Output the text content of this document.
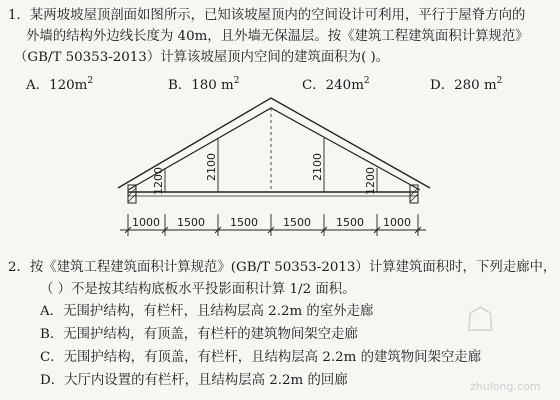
1．某两坡坡屋顶剖面如图所示，已知该坡屋顶内的空间设计可利用，平行于屋脊方向的
外墙的结构外边线长度为 40m，且外墙无保温层。按《建筑工程建筑面积计算规范》
（GB/T 50353-2013）计算该坡屋顶内空间的建筑面积为( )。
A．$120m^2$	B．180 $m^2$	C．$240m^2$	D．280 $m^2$
1200	2100	2100	1200
1000 1500 1500 1500 1500 1000
2．按《建筑工程建筑面积计算规范》(GB/T 50353-2013）计算建筑面积时，下列走廊中，
（ ）不是按其结构底板水平投影面积计算 1/2 面积。
A．无围护结构，有栏杆，且结构层高 2.2m 的室外走廊
B．无围护结构，有顶盖，有栏杆的建筑物间架空走廊
C．无围护结构，有顶盖，有栏杆，且结构层高 2.2m 的建筑物间架空走廊
D．大厅内设置的有栏杆，且结构层高 2.2m 的回廊
☖
zhulong.com
